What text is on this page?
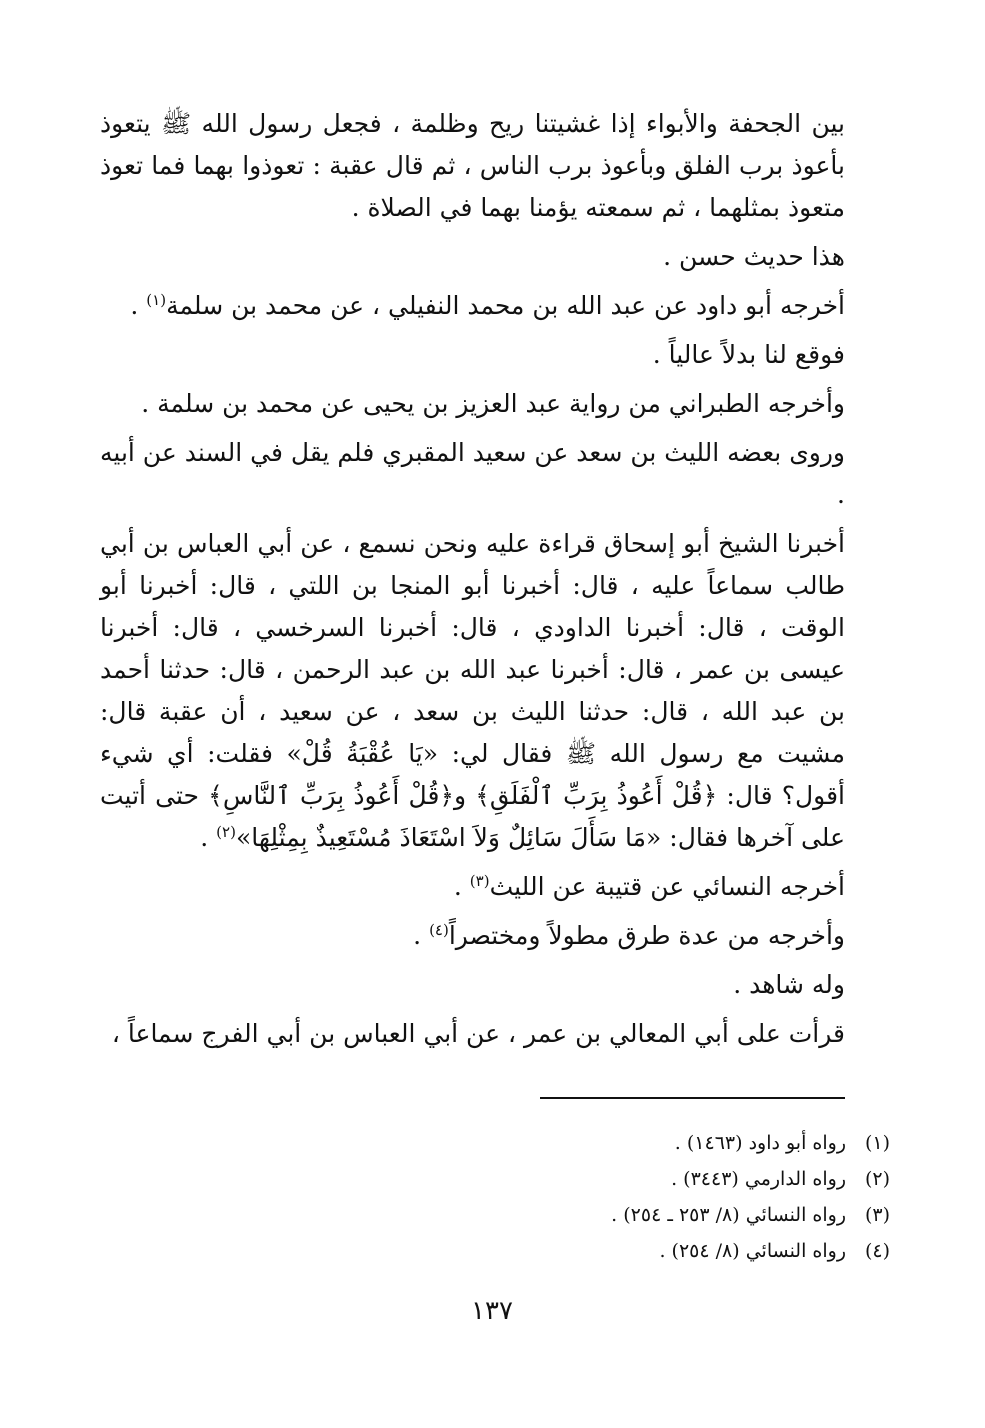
بين الجحفة والأبواء إذا غشيتنا ريح وظلمة ، فجعل رسول الله ﷺ يتعوذ بأعوذ برب الفلق وبأعوذ برب الناس ، ثم قال عقبة : تعوذوا بهما فما تعوذ متعوذ بمثلهما ، ثم سمعته يؤمنا بهما في الصلاة .

هذا حديث حسن .

أخرجه أبو داود عن عبد الله بن محمد النفيلي ، عن محمد بن سلمة$^{(١)}$ .

فوقع لنا بدلاً عالياً .

وأخرجه الطبراني من رواية عبد العزيز بن يحيى عن محمد بن سلمة .

وروى بعضه الليث بن سعد عن سعيد المقبري فلم يقل في السند عن أبيه .

أخبرنا الشيخ أبو إسحاق قراءة عليه ونحن نسمع ، عن أبي العباس بن أبي طالب سماعاً عليه ، قال: أخبرنا أبو المنجا بن اللتي ، قال: أخبرنا أبو الوقت ، قال: أخبرنا الداودي ، قال: أخبرنا السرخسي ، قال: أخبرنا عيسى بن عمر ، قال: أخبرنا عبد الله بن عبد الرحمن ، قال: حدثنا أحمد بن عبد الله ، قال: حدثنا الليث بن سعد ، عن سعيد ، أن عقبة قال: مشيت مع رسول الله ﷺ فقال لي: «يَا عُقْبَةُ قُلْ» فقلت: أي شيء أقول؟ قال: ﴿قُلْ أَعُوذُ بِرَبِّ ٱلْفَلَقِ﴾ و﴿قُلْ أَعُوذُ بِرَبِّ ٱلنَّاسِ﴾ حتى أتيت على آخرها فقال: «مَا سَأَلَ سَائِلٌ وَلاَ اسْتَعَاذَ مُسْتَعِيذٌ بِمِثْلِهَا»$^{(٢)}$ .

أخرجه النسائي عن قتيبة عن الليث$^{(٣)}$ .

وأخرجه من عدة طرق مطولاً ومختصراً$^{(٤)}$ .

وله شاهد .

قرأت على أبي المعالي بن عمر ، عن أبي العباس بن أبي الفرج سماعاً ،

(١)رواه أبو داود (١٤٦٣) .
(٢)رواه الدارمي (٣٤٤٣) .
(٣)رواه النسائي (٨/ ٢٥٣ ـ ٢٥٤) .
(٤)رواه النسائي (٨/ ٢٥٤) .
١٣٧
